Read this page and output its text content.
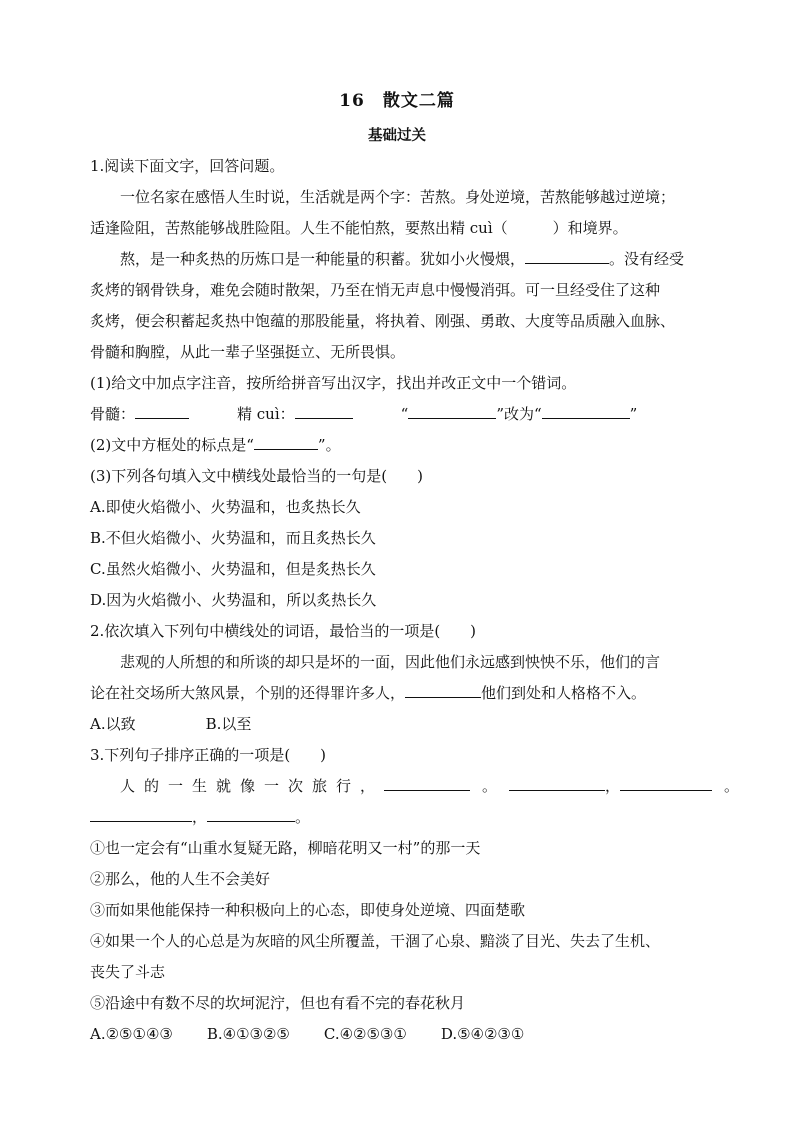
16　散文二篇
基础过关
1.阅读下面文字，回答问题。
一位名家在感悟人生时说，生活就是两个字：苦熬。身处逆境，苦熬能够越过逆境；
适逢险阻，苦熬能够战胜险阻。人生不能怕熬，要熬出精 cuì（　　　）和境界。
熬，是一种炙热的历炼口是一种能量的积蓄。犹如小火慢煨，	。没有经受
炙烤的钢骨铁身，难免会随时散架，乃至在悄无声息中慢慢消弭。可一旦经受住了这种
炙烤，便会积蓄起炙热中饱蕴的那股能量，将执着、刚强、勇敢、大度等品质融入血脉、
骨髓和胸膛，从此一辈子坚强挺立、无所畏惧。
(1)给文中加点字注音，按所给拼音写出汉字，找出并改正文中一个错词。
骨髓：	精 cuì：	“	”改为“	”
(2)文中方框处的标点是“	”。
(3)下列各句填入文中横线处最恰当的一句是(　　)
A.即使火焰微小、火势温和，也炙热长久
B.不但火焰微小、火势温和，而且炙热长久
C.虽然火焰微小、火势温和，但是炙热长久
D.因为火焰微小、火势温和，所以炙热长久
2.依次填入下列句中横线处的词语，最恰当的一项是(　　)
悲观的人所想的和所谈的却只是坏的一面，因此他们永远感到怏怏不乐，他们的言
论在社交场所大煞风景，个别的还得罪许多人，	他们到处和人格格不入。
A.以致	B.以至
3.下列句子排序正确的一项是(　　)
人的一生就像一次旅行，	。	，	。
，	。
①也一定会有“山重水复疑无路，柳暗花明又一村”的那一天
②那么，他的人生不会美好
③而如果他能保持一种积极向上的心态，即使身处逆境、四面楚歌
④如果一个人的心总是为灰暗的风尘所覆盖，干涸了心泉、黯淡了目光、失去了生机、
丧失了斗志
⑤沿途中有数不尽的坎坷泥泞，但也有看不完的春花秋月
A.②⑤①④③ B.④①③②⑤ C.④②⑤③① D.⑤④②③①
